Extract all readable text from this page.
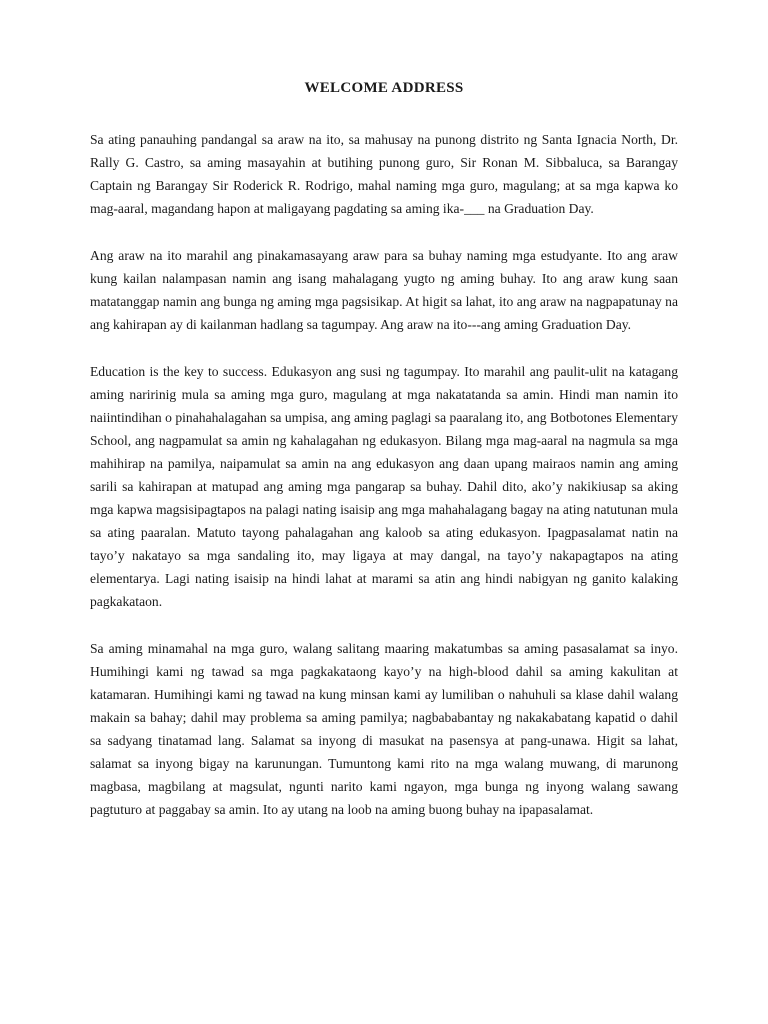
WELCOME ADDRESS

Sa ating panauhing pandangal sa araw na ito, sa mahusay na punong distrito ng Santa Ignacia North, Dr. Rally G. Castro, sa aming masayahin at butihing punong guro, Sir Ronan M. Sibbaluca, sa Barangay Captain ng Barangay Sir Roderick R. Rodrigo, mahal naming mga guro, magulang; at sa mga kapwa ko mag-aaral, magandang hapon at maligayang pagdating sa aming ika-___ na Graduation Day.

Ang araw na ito marahil ang pinakamasayang araw para sa buhay naming mga estudyante. Ito ang araw kung kailan nalampasan namin ang isang mahalagang yugto ng aming buhay. Ito ang araw kung saan matatanggap namin ang bunga ng aming mga pagsisikap. At higit sa lahat, ito ang araw na nagpapatunay na ang kahirapan ay di kailanman hadlang sa tagumpay. Ang araw na ito---ang aming Graduation Day.

Education is the key to success. Edukasyon ang susi ng tagumpay. Ito marahil ang paulit-ulit na katagang aming naririnig mula sa aming mga guro, magulang at mga nakatatanda sa amin. Hindi man namin ito naiintindihan o pinahahalagahan sa umpisa, ang aming paglagi sa paaralang ito, ang Botbotones Elementary School, ang nagpamulat sa amin ng kahalagahan ng edukasyon. Bilang mga mag-aaral na nagmula sa mga mahihirap na pamilya, naipamulat sa amin na ang edukasyon ang daan upang mairaos namin ang aming sarili sa kahirapan at matupad ang aming mga pangarap sa buhay. Dahil dito, ako’y nakikiusap sa aking mga kapwa magsisipagtapos na palagi nating isaisip ang mga mahahalagang bagay na ating natutunan mula sa ating paaralan. Matuto tayong pahalagahan ang kaloob sa ating edukasyon. Ipagpasalamat natin na tayo’y nakatayo sa mga sandaling ito, may ligaya at may dangal, na tayo’y nakapagtapos na ating elementarya. Lagi nating isaisip na hindi lahat at marami sa atin ang hindi nabigyan ng ganito kalaking pagkakataon.

Sa aming minamahal na mga guro, walang salitang maaring makatumbas sa aming pasasalamat sa inyo. Humihingi kami ng tawad sa mga pagkakataong kayo’y na high-blood dahil sa aming kakulitan at katamaran. Humihingi kami ng tawad na kung minsan kami ay lumiliban o nahuhuli sa klase dahil walang makain sa bahay; dahil may problema sa aming pamilya; nagbababantay ng nakakabatang kapatid o dahil sa sadyang tinatamad lang. Salamat sa inyong di masukat na pasensya at pang-unawa. Higit sa lahat, salamat sa inyong bigay na karunungan. Tumuntong kami rito na mga walang muwang, di marunong magbasa, magbilang at magsulat, ngunti narito kami ngayon, mga bunga ng inyong walang sawang pagtuturo at paggabay sa amin. Ito ay utang na loob na aming buong buhay na ipapasalamat.
